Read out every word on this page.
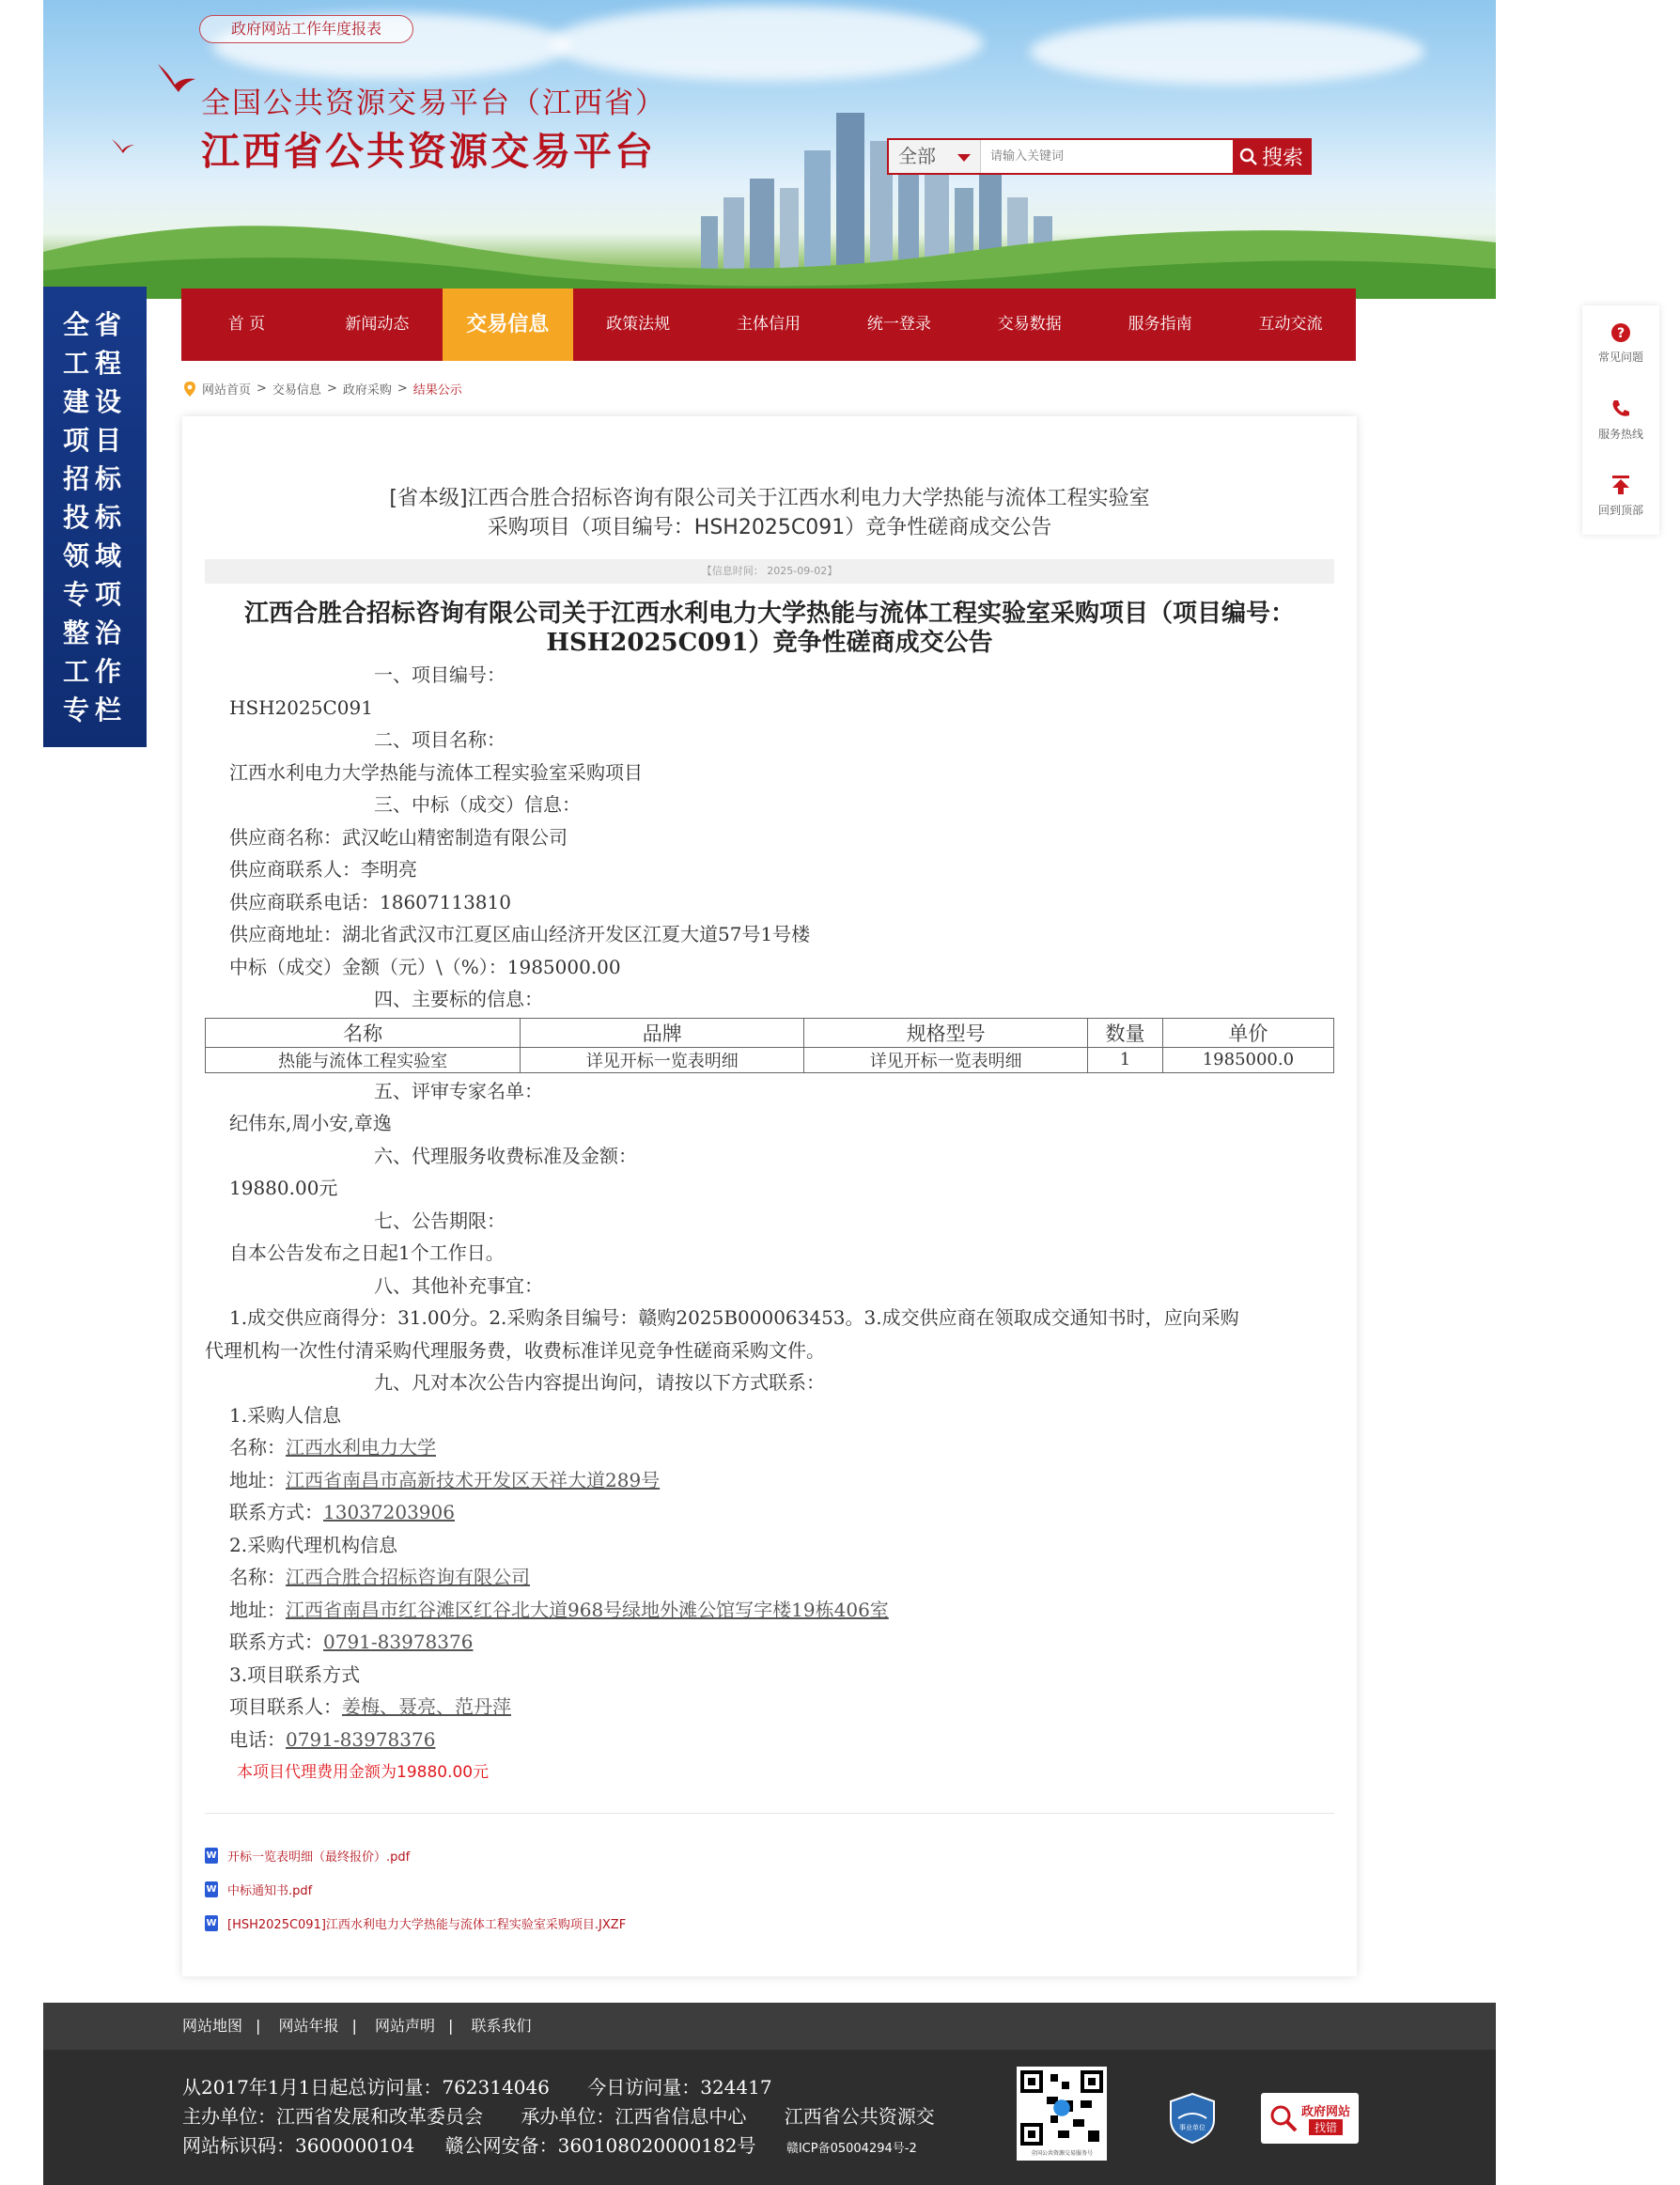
政府网站工作年度报表
全国公共资源交易平台（江西省）
江西省公共资源交易平台	全部
请输入关键词	搜索
首 页	新闻动态	交易信息	政策法规	主体信用	统一登录	交易数据	服务指南	互动交流
全省
工程
建设
项目
招标
投标
领域
专项
整治
工作
专栏
?
常见问题
服务热线
回到顶部
网站首页 > 交易信息 > 政府采购 > 结果公示
[省本级]江西合胜合招标咨询有限公司关于江西水利电力大学热能与流体工程实验室
采购项目（项目编号：HSH2025C091）竞争性磋商成交公告
【信息时间： 2025-09-02】
江西合胜合招标咨询有限公司关于江西水利电力大学热能与流体工程实验室采购项目（项目编号：
HSH2025C091）竞争性磋商成交公告
一、项目编号：
HSH2025C091
二、项目名称：
江西水利电力大学热能与流体工程实验室采购项目
三、中标（成交）信息：
供应商名称：武汉屹山精密制造有限公司
供应商联系人：李明亮
供应商联系电话：18607113810
供应商地址：湖北省武汉市江夏区庙山经济开发区江夏大道57号1号楼
中标（成交）金额（元）\（%）：1985000.00
四、主要标的信息：
名称	品牌	规格型号	数量	单价
热能与流体工程实验室	详见开标一览表明细	详见开标一览表明细	1	1985000.0
五、评审专家名单：
纪伟东,周小安,章逸
六、代理服务收费标准及金额：
19880.00元
七、公告期限：
自本公告发布之日起1个工作日。
八、其他补充事宜：
1.成交供应商得分：31.00分。2.采购条目编号：赣购2025B000063453。3.成交供应商在领取成交通知书时，应向采购
代理机构一次性付清采购代理服务费，收费标准详见竞争性磋商采购文件。
九、凡对本次公告内容提出询问，请按以下方式联系：
1.采购人信息
名称：江西水利电力大学
地址：江西省南昌市高新技术开发区天祥大道289号
联系方式：13037203906
2.采购代理机构信息
名称：江西合胜合招标咨询有限公司
地址：江西省南昌市红谷滩区红谷北大道968号绿地外滩公馆写字楼19栋406室
联系方式：0791-83978376
3.项目联系方式
项目联系人：姜梅、聂亮、范丹萍
电话：0791-83978376
本项目代理费用金额为19880.00元
W 开标一览表明细（最终报价）.pdf
W 中标通知书.pdf
W [HSH2025C091]江西水利电力大学热能与流体工程实验室采购项目.JXZF
网站地图 | 网站年报 | 网站声明 | 联系我们
从2017年1月1日起总访问量：762314046 今日访问量：324417
主办单位：江西省发展和改革委员会 承办单位：江西省信息中心 江西省公共资源交
网站标识码：3600000104 赣公网安备：360108020000182号 赣ICP备05004294号-2	全国公共资源交易服务号
事业单位
政府网站
找错
